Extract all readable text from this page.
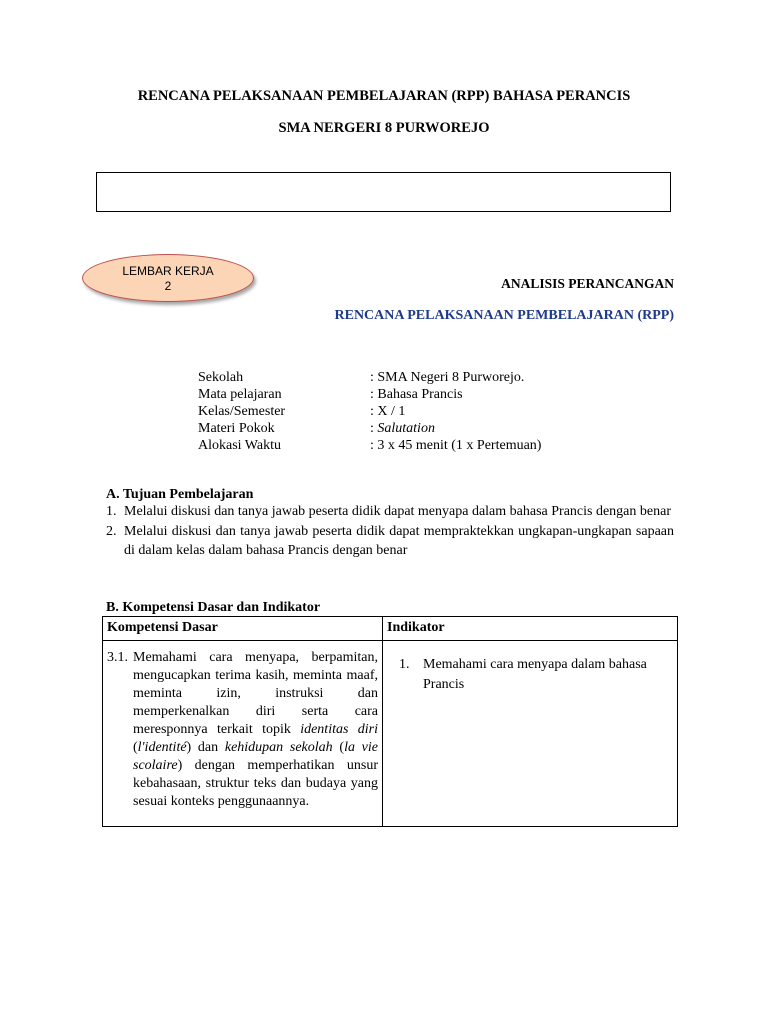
RENCANA PELAKSANAAN PEMBELAJARAN (RPP) BAHASA PERANCIS
SMA NERGERI 8 PURWOREJO
LEMBAR KERJA
2	ANALISIS PERANCANGAN
RENCANA PELAKSANAAN PEMBELAJARAN (RPP)
Sekolah	: SMA Negeri 8 Purworejo.
Mata pelajaran	: Bahasa Prancis
Kelas/Semester	: X / 1
Materi Pokok	: Salutation
Alokasi Waktu	: 3 x 45 menit (1 x Pertemuan)
A. Tujuan Pembelajaran
1. Melalui diskusi dan tanya jawab peserta didik dapat menyapa dalam bahasa Prancis dengan benar
2. Melalui diskusi dan tanya jawab peserta didik dapat mempraktekkan ungkapan-ungkapan sapaan di dalam kelas dalam bahasa Prancis dengan benar
B. Kompetensi Dasar dan Indikator
Kompetensi Dasar	Indikator

3.1. Memahami cara menyapa, berpamitan, mengucapkan terima kasih, meminta maaf, meminta izin, instruksi dan memperkenalkan diri serta cara meresponnya terkait topik identitas diri (l'identité) dan kehidupan sekolah (la vie scolaire) dengan memperhatikan unsur kebahasaan, struktur teks dan budaya yang sesuai konteks penggunaannya.	1. Memahami cara menyapa dalam bahasa Prancis
